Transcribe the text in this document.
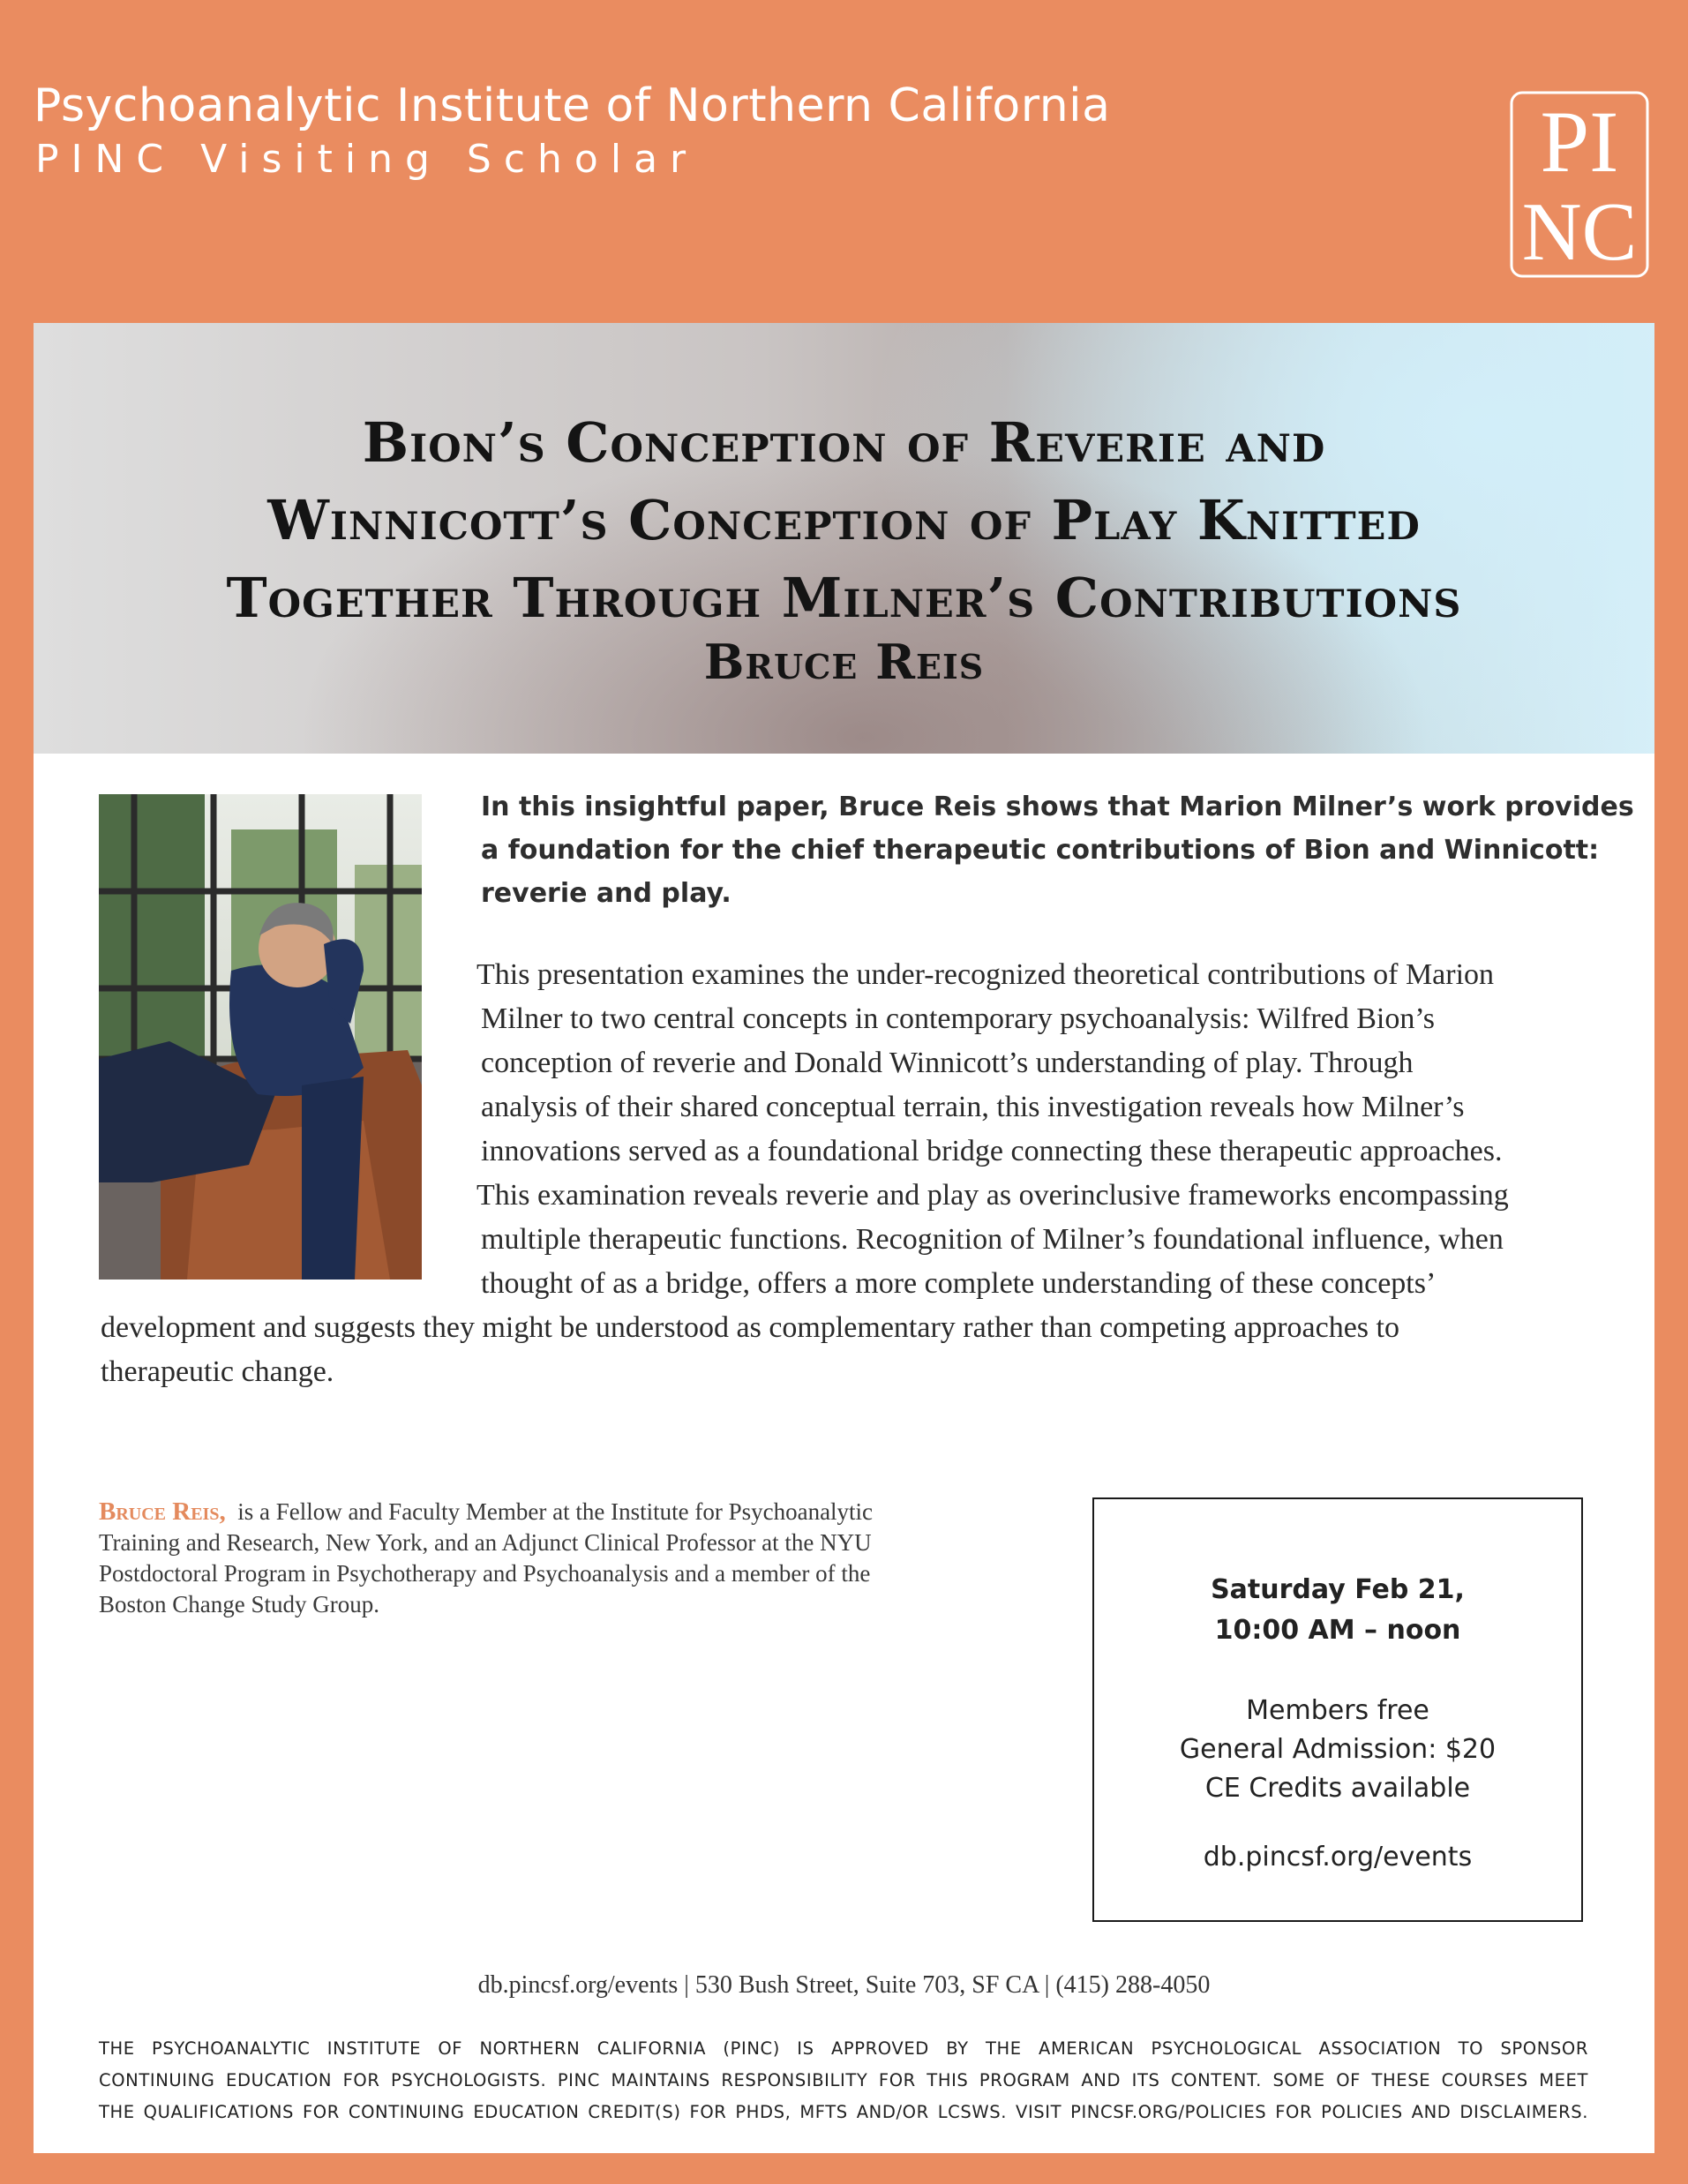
Psychoanalytic Institute of Northern California
PINC Visiting Scholar	PI
NC
Bion’s Conception of Reverie and
Winnicott’s Conception of Play Knitted
Together Through Milner’s Contributions
Bruce Reis
In this insightful paper, Bruce Reis shows that Marion Milner’s work provides
a foundation for the chief therapeutic contributions of Bion and Winnicott:
reverie and play.
This presentation examines the under-recognized theoretical contributions of Marion
Milner to two central concepts in contemporary psychoanalysis: Wilfred Bion’s
conception of reverie and Donald Winnicott’s understanding of play. Through
analysis of their shared conceptual terrain, this investigation reveals how Milner’s
innovations served as a foundational bridge connecting these therapeutic approaches.
This examination reveals reverie and play as overinclusive frameworks encompassing
multiple therapeutic functions. Recognition of Milner’s foundational influence, when
thought of as a bridge, offers a more complete understanding of these concepts’
development and suggests they might be understood as complementary rather than competing approaches to
therapeutic change.
Bruce Reis, is a Fellow and Faculty Member at the Institute for Psychoanalytic
Training and Research, New York, and an Adjunct Clinical Professor at the NYU
Postdoctoral Program in Psychotherapy and Psychoanalysis and a member of the
Boston Change Study Group.	Saturday Feb 21,
10:00 AM – noon
Members free
General Admission: $20
CE Credits available
db.pincsf.org/events
db.pincsf.org/events | 530 Bush Street, Suite 703, SF CA | (415) 288-4050
THE PSYCHOANALYTIC INSTITUTE OF NORTHERN CALIFORNIA (PINC) IS APPROVED BY THE AMERICAN PSYCHOLOGICAL ASSOCIATION TO SPONSOR
CONTINUING EDUCATION FOR PSYCHOLOGISTS. PINC MAINTAINS RESPONSIBILITY FOR THIS PROGRAM AND ITS CONTENT. SOME OF THESE COURSES MEET
THE QUALIFICATIONS FOR CONTINUING EDUCATION CREDIT(S) FOR PHDS, MFTS AND/OR LCSWS. VISIT PINCSF.ORG/POLICIES FOR POLICIES AND DISCLAIMERS.
